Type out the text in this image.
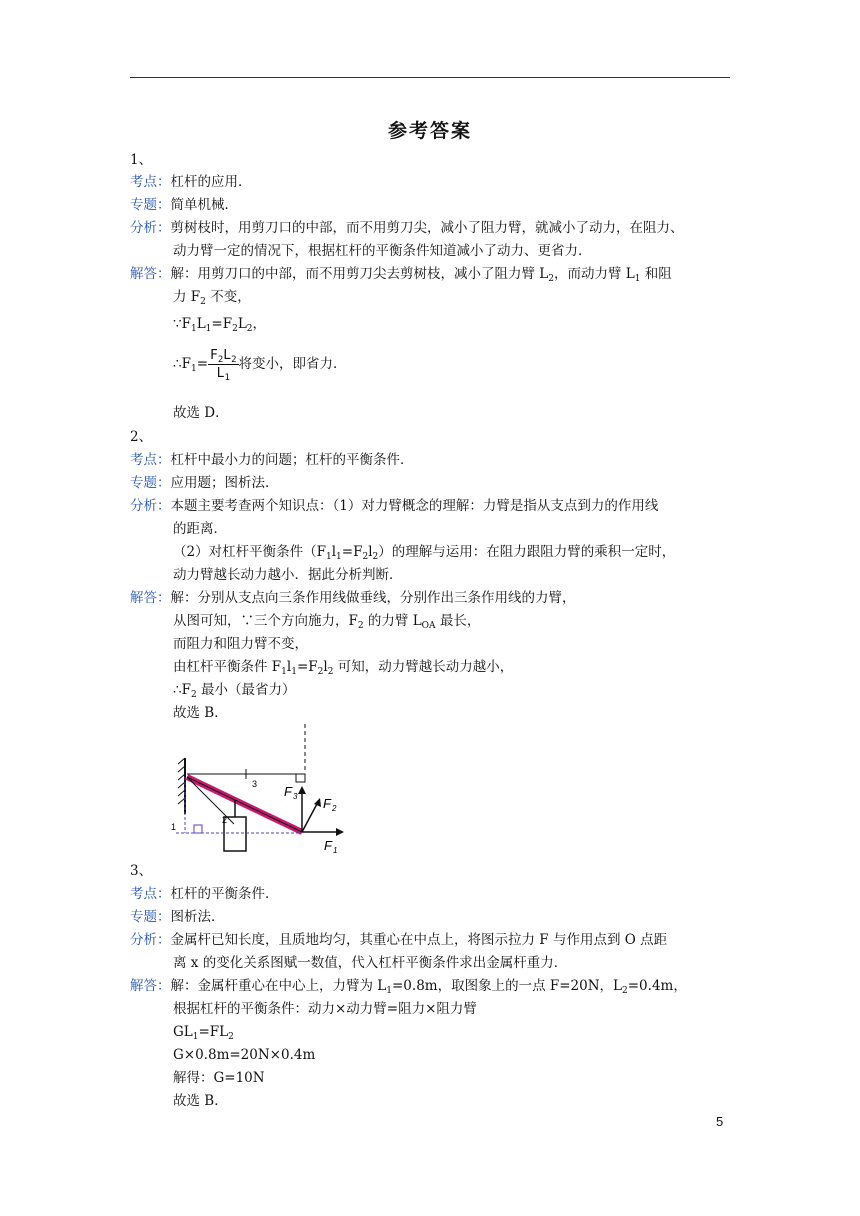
参考答案
1、
考点：杠杆的应用．
专题：简单机械．
分析：剪树枝时，用剪刀口的中部，而不用剪刀尖，减小了阻力臂，就减小了动力，在阻力、
动力臂一定的情况下，根据杠杆的平衡条件知道减小了动力、更省力．
解答：解：用剪刀口的中部，而不用剪刀尖去剪树枝，减小了阻力臂 $L_2$，而动力臂 $L_1$ 和阻
力 $F_2$ 不变，
$\because F_1L_1=F_2L_2$，
$\therefore F_1= \frac{F_2L_2}{L_1}$ 将变小，即省力．
故选 D．
2、
考点：杠杆中最小力的问题；杠杆的平衡条件．
专题：应用题；图析法．
分析：本题主要考查两个知识点：（1）对力臂概念的理解：力臂是指从支点到力的作用线
的距离．
（2）对杠杆平衡条件$(F_1l_1=F_2l_2)$的理解与运用：在阻力跟阻力臂的乘积一定时，
动力臂越长动力越小．据此分析判断．
解答：解：分别从支点向三条作用线做垂线，分别作出三条作用线的力臂，
从图可知，∵三个方向施力，$F_2$ 的力臂 $L_{OA}$ 最长，
而阻力和阻力臂不变，
由杠杆平衡条件 $F_1l_1=F_2l_2$ 可知，动力臂越长动力越小，
$\therefore F_2$ 最小（最省力）
故选 B．
1
2
3
F 1
F 2
F 3
3、
考点：杠杆的平衡条件．
专题：图析法．
分析：金属杆已知长度，且质地均匀，其重心在中点上，将图示拉力 F 与作用点到 O 点距
离 x 的变化关系图赋一数值，代入杠杆平衡条件求出金属杆重力．
解答：解：金属杆重心在中心上，力臂为 $L_1=0.8m$，取图象上的一点 F=20N，$L_2=0.4m$，
根据杠杆的平衡条件：动力×动力臂=阻力×阻力臂
$GL_1=FL_2$
G×0.8m=20N×0.4m
解得：G=10N
故选 B．
5
